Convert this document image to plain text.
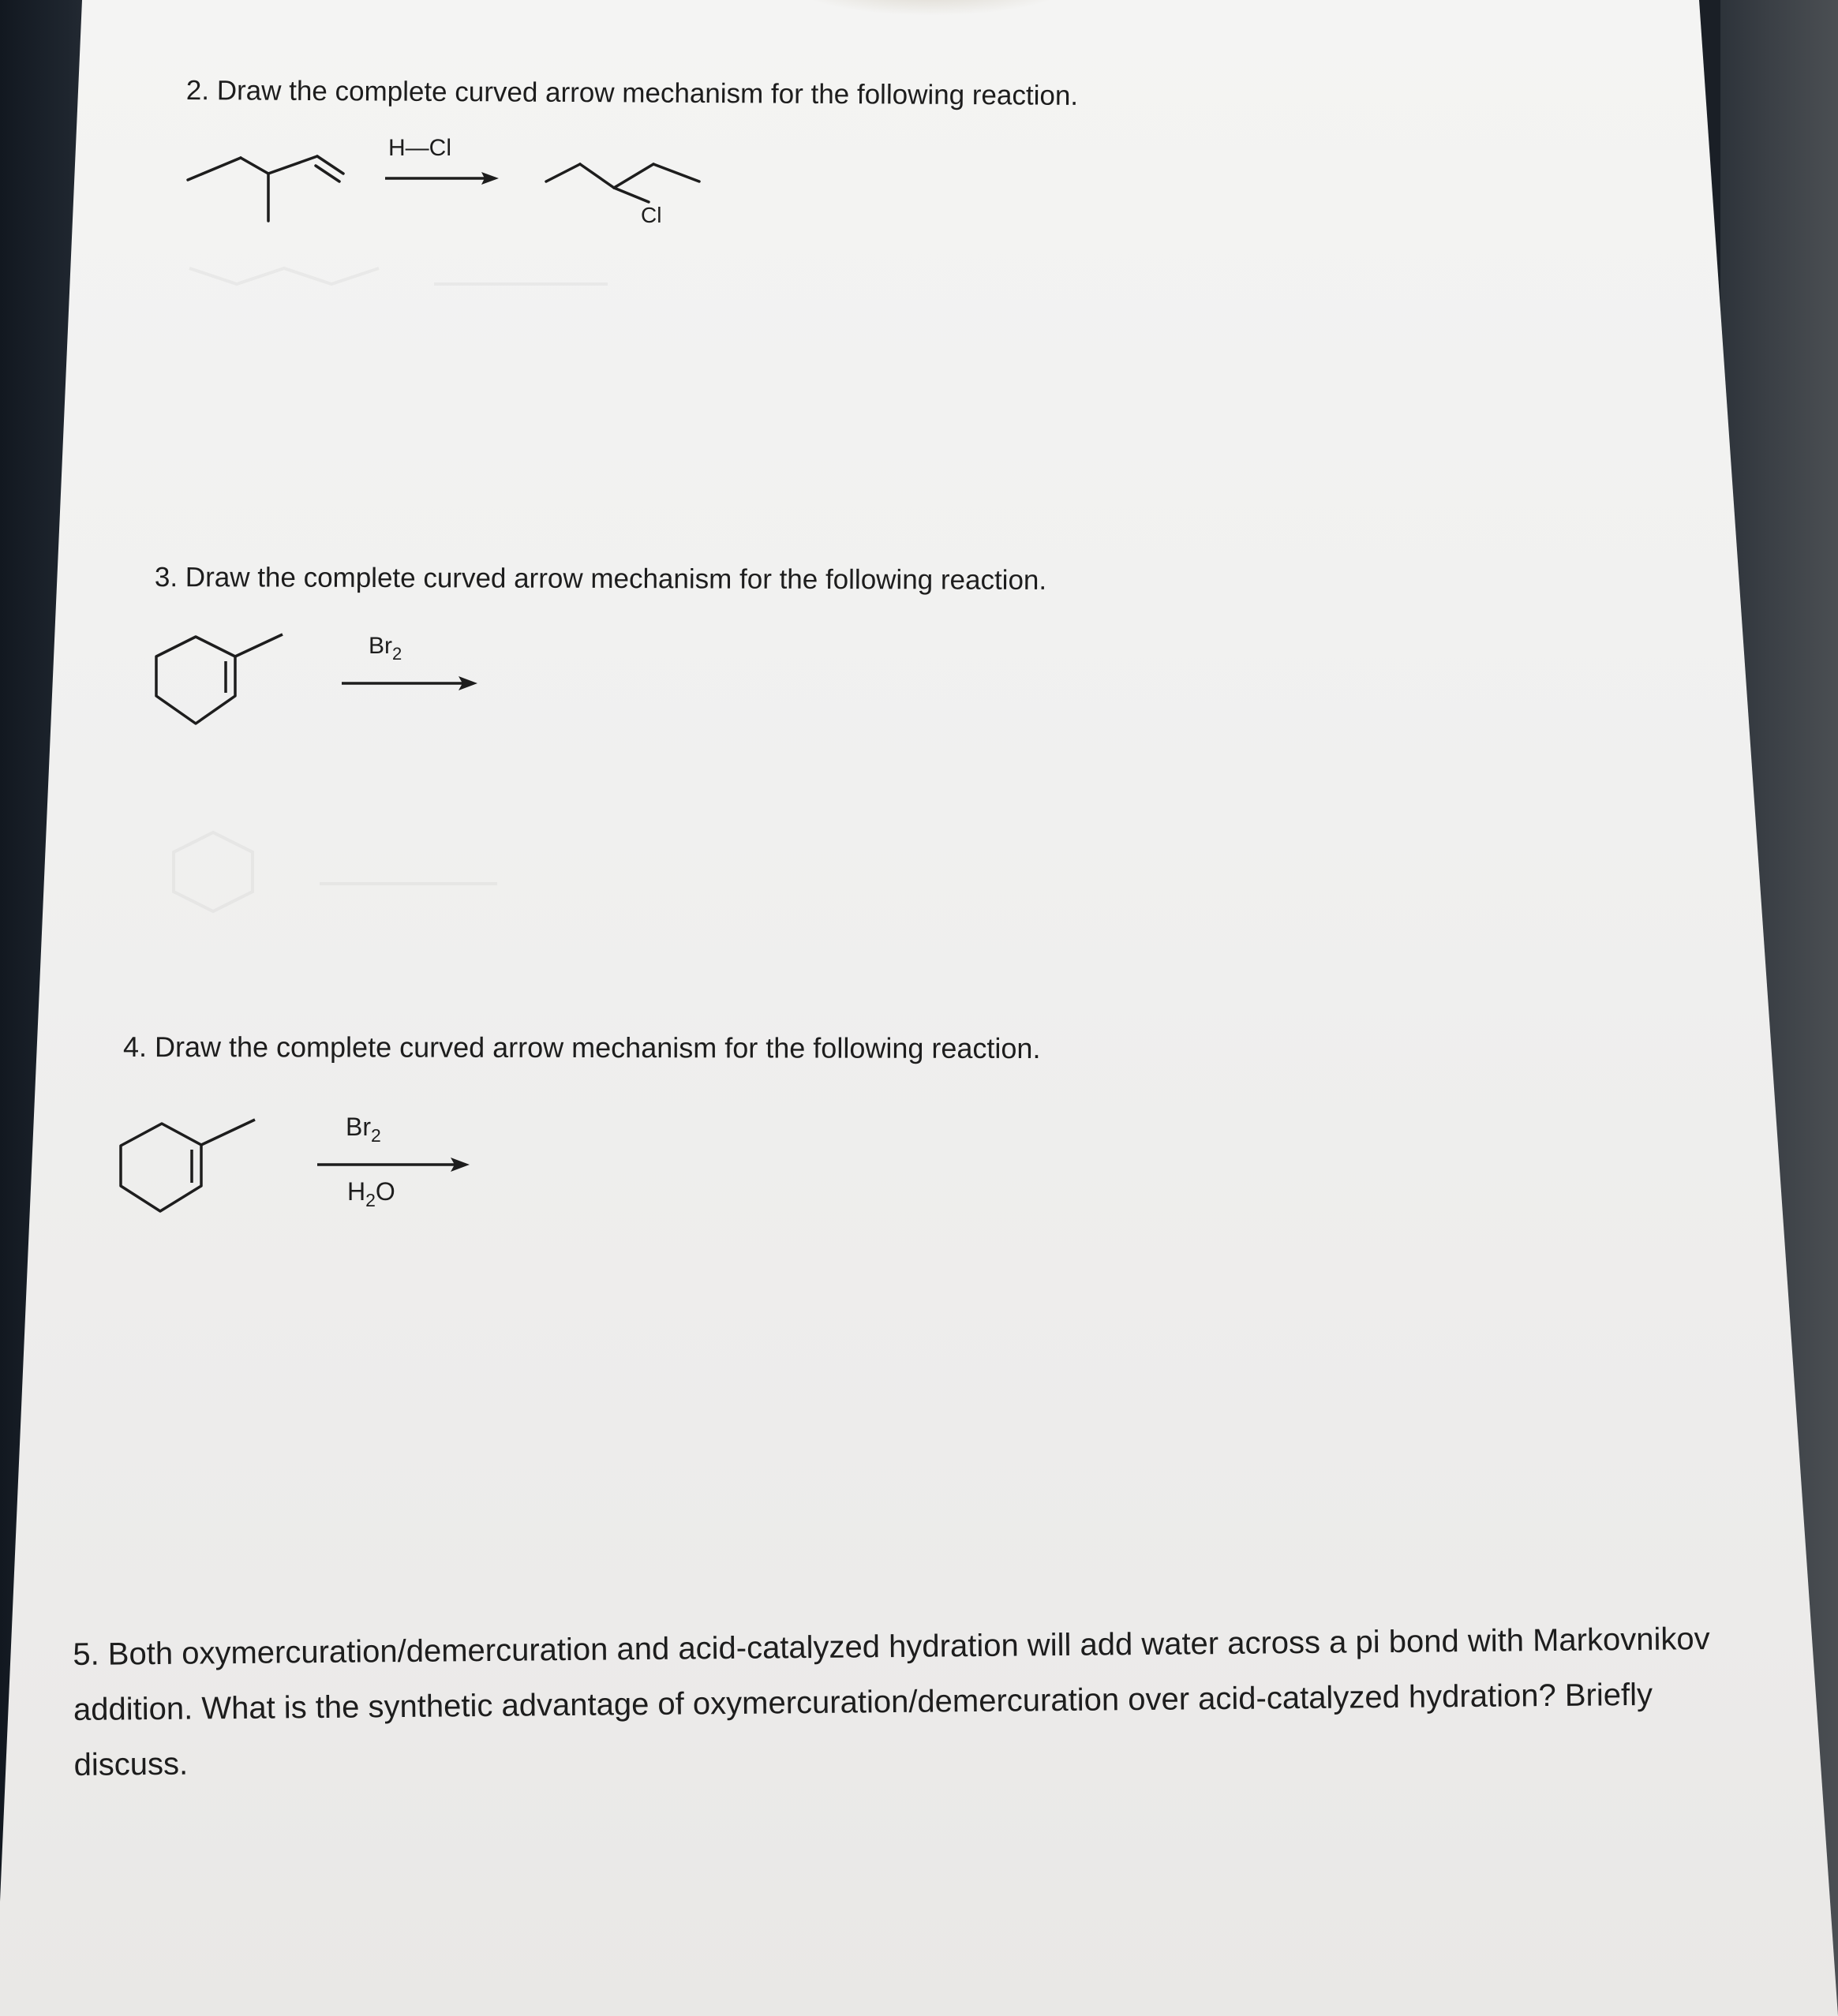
2. Draw the complete curved arrow mechanism for the following reaction.

H—Cl
Cl

3. Draw the complete curved arrow mechanism for the following reaction.

$Br_2$

4. Draw the complete curved arrow mechanism for the following reaction.

$Br_2$
$H_2O$

5. Both oxymercuration/demercuration and acid-catalyzed hydration will add water across a pi bond with Markovnikov addition. What is the synthetic advantage of oxymercuration/demercuration over acid-catalyzed hydration? Briefly discuss.
